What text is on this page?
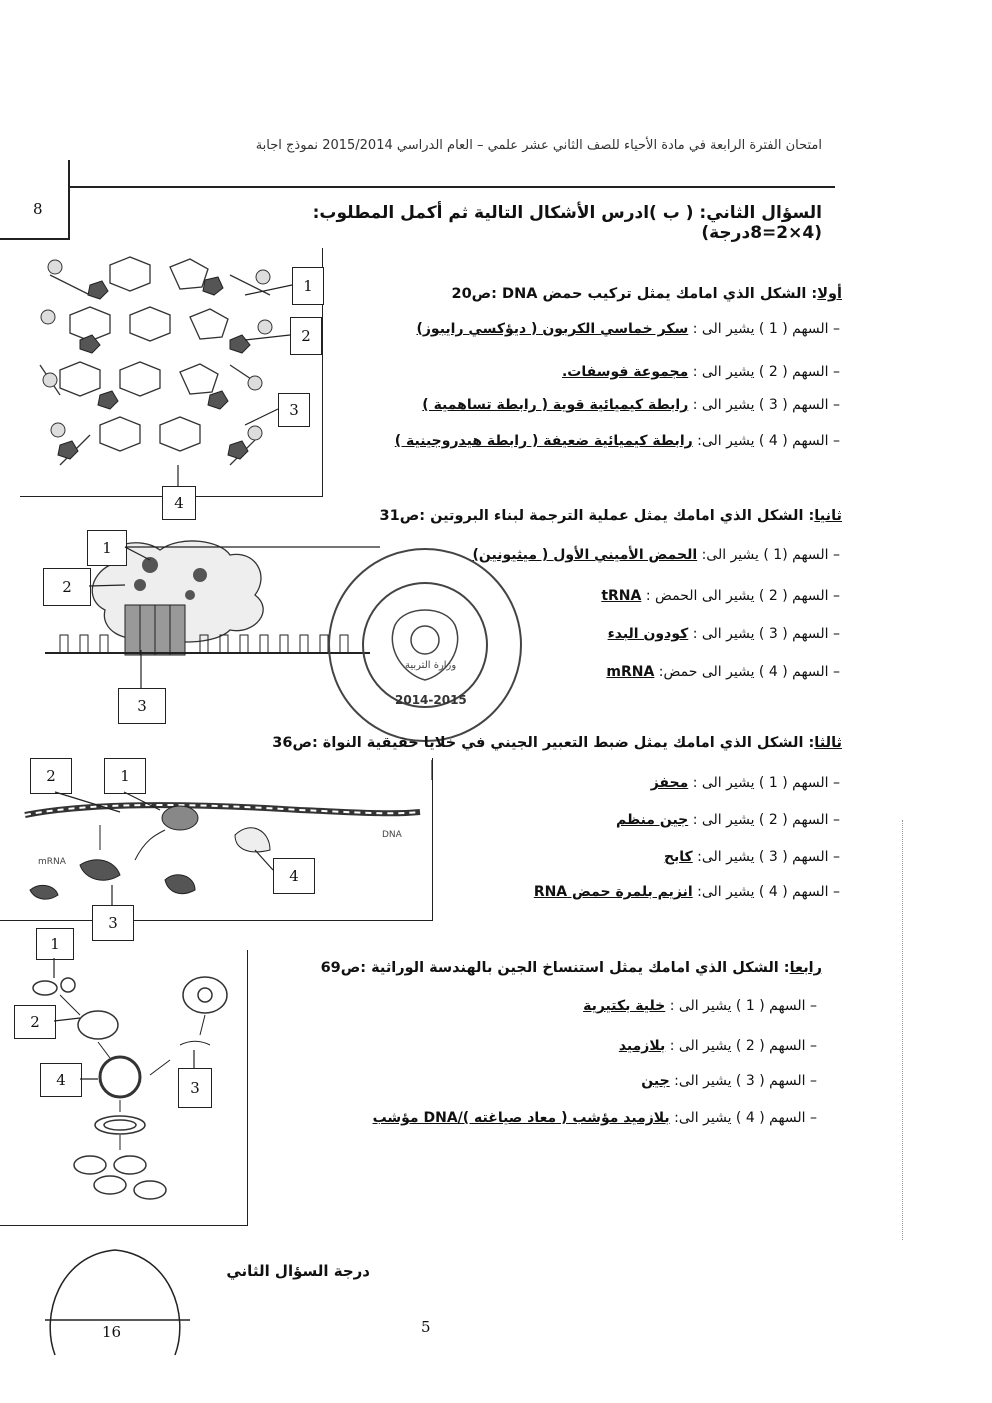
امتحان الفترة الرابعة في مادة الأحياء للصف الثاني عشر علمي – العام الدراسي 2015/2014 نموذج اجابة
8	السؤال الثاني: ( ب )ادرس الأشكال التالية ثم أكمل المطلوب: (4×2=8درجة)
أولا: الشكل الذي امامك يمثل تركيب حمض DNA :ص20
– السهم ( 1 ) يشير الى : سكر خماسي الكربون ( ديؤكسي رايبوز)
– السهم ( 2 ) يشير الى : مجموعة فوسفات.
– السهم ( 3 ) يشير الى : رابطة كيميائية قوية ( رابطة تساهمية )
– السهم ( 4 ) يشير الى: رابطة كيميائية ضعيفة ( رابطة هيدروجينية )
1
2
3
4
ثانيا: الشكل الذي امامك يمثل عملية الترجمة لبناء البروتين :ص31
– السهم (1 ) يشير الى: الحمض الأميني الأول ( ميثيونين)
– السهم ( 2 ) يشير الى الحمض : tRNA
– السهم ( 3 ) يشير الى : كودون البدء
– السهم ( 4 ) يشير الى حمض: mRNA
1
2
3
وزارة التربية
2014-2015
ثالثا: الشكل الذي امامك يمثل ضبط التعبير الجيني في خلايا حقيقية النواة :ص36
– السهم ( 1 ) يشير الى : محفز
– السهم ( 2 ) يشير الى : جين منظم
– السهم ( 3 ) يشير الى: كابح
– السهم ( 4 ) يشير الى: انزيم بلمرة حمض RNA
mRNA
DNA
2	1
4
3
رابعا: الشكل الذي امامك يمثل استنساخ الجين بالهندسة الوراثية :ص69
– السهم ( 1 ) يشير الى : خلية بكتيرية
– السهم ( 2 ) يشير الى : بلازميد
– السهم ( 3 ) يشير الى: جين
– السهم ( 4 ) يشير الى: بلازميد مؤشب ( معاد صياغته )/DNA مؤشب
1
2
4	3
16
درجة السؤال الثاني
5
